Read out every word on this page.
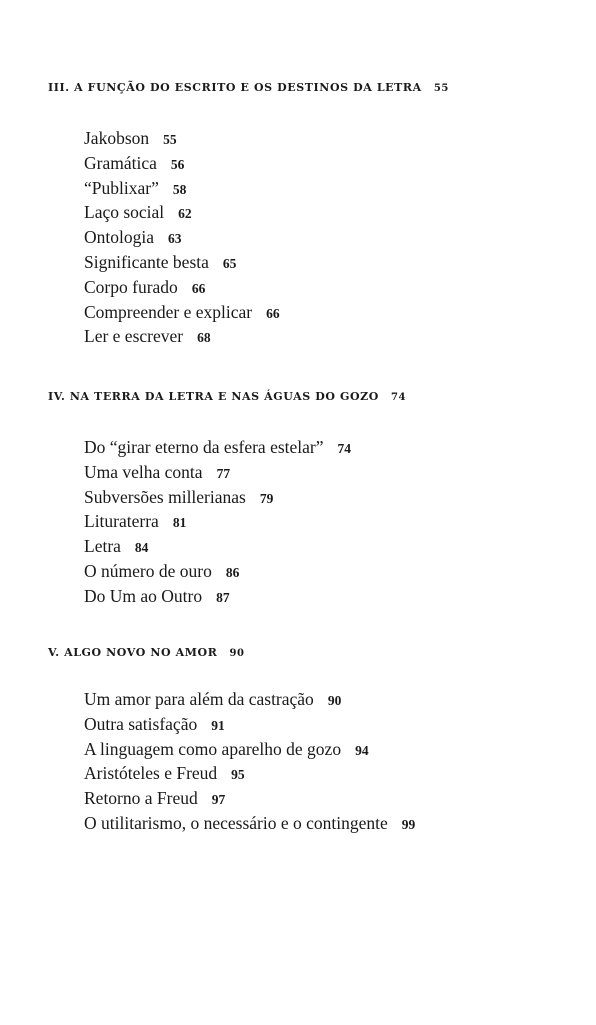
III. A FUNÇÃO DO ESCRITO E OS DESTINOS DA LETRA 55
Jakobson 55
Gramática 56
“Publixar” 58
Laço social 62
Ontologia 63
Significante besta 65
Corpo furado 66
Compreender e explicar 66
Ler e escrever 68
IV. NA TERRA DA LETRA E NAS ÁGUAS DO GOZO 74
Do “girar eterno da esfera estelar” 74
Uma velha conta 77
Subversões millerianas 79
Lituraterra 81
Letra 84
O número de ouro 86
Do Um ao Outro 87
V. ALGO NOVO NO AMOR 90
Um amor para além da castração 90
Outra satisfação 91
A linguagem como aparelho de gozo 94
Aristóteles e Freud 95
Retorno a Freud 97
O utilitarismo, o necessário e o contingente 99
